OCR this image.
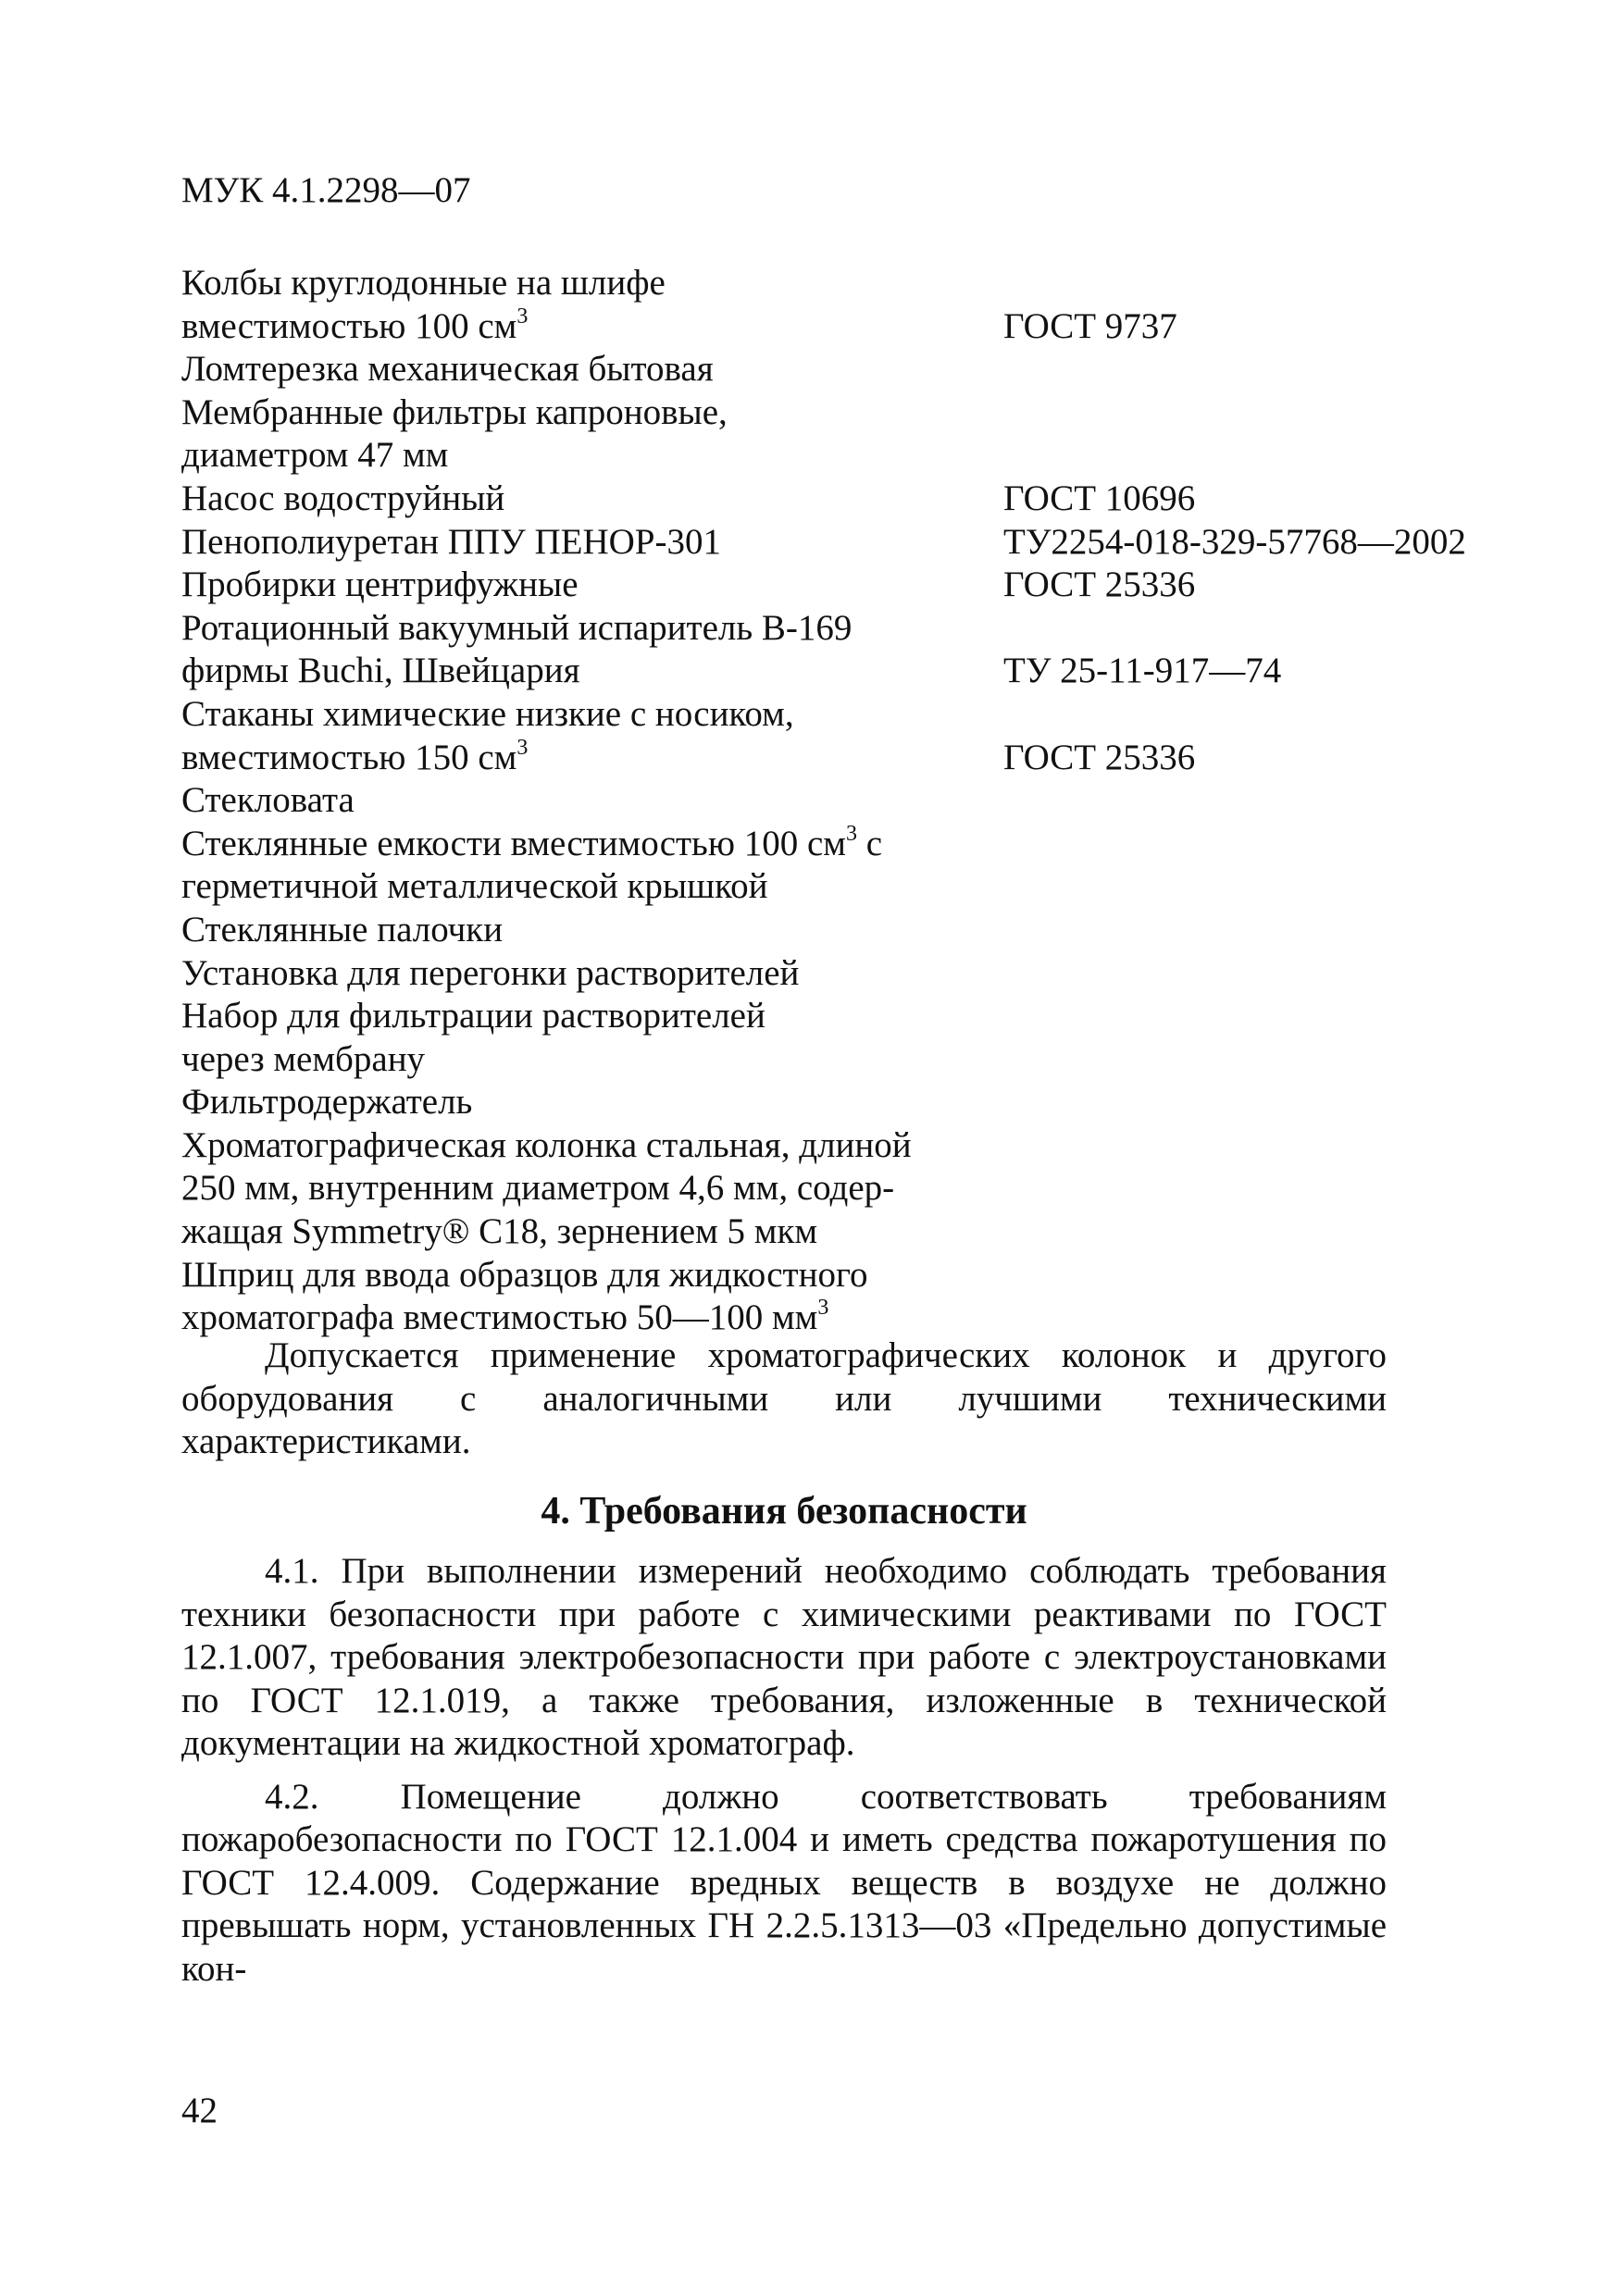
МУК 4.1.2298—07
Колбы круглодонные на шлифе
вместимостью 100 $см^3$	ГОСТ 9737
Ломтерезка механическая бытовая
Мембранные фильтры капроновые,
диаметром 47 мм
Насос водоструйный	ГОСТ 10696
Пенополиуретан ППУ ПЕНОР-301	ТУ2254-018-329-57768—2002
Пробирки центрифужные	ГОСТ 25336
Ротационный вакуумный испаритель В-169
фирмы Buchi, Швейцария	ТУ 25-11-917—74
Стаканы химические низкие с носиком,
вместимостью 150 $см^3$	ГОСТ 25336
Стекловата
Стеклянные емкости вместимостью 100 $см^3$ с
герметичной металлической крышкой
Стеклянные палочки
Установка для перегонки растворителей
Набор для фильтрации растворителей
через мембрану
Фильтродержатель
Хроматографическая колонка стальная, длиной
250 мм, внутренним диаметром 4,6 мм, содер-
жащая Symmetry® C18, зернением 5 мкм
Шприц для ввода образцов для жидкостного
хроматографа вместимостью 50—100 $мм^3$

Допускается применение хроматографических колонок и другого оборудования с аналогичными или лучшими техническими характеристиками.

4. Требования безопасности

4.1. При выполнении измерений необходимо соблюдать требования техники безопасности при работе с химическими реактивами по ГОСТ 12.1.007, требования электробезопасности при работе с электроустановками по ГОСТ 12.1.019, а также требования, изложенные в технической документации на жидкостной хроматограф.

4.2. Помещение должно соответствовать требованиям пожаробезопасности по ГОСТ 12.1.004 и иметь средства пожаротушения по ГОСТ 12.4.009. Содержание вредных веществ в воздухе не должно превышать норм, установленных ГН 2.2.5.1313—03 «Предельно допустимые кон-

42
